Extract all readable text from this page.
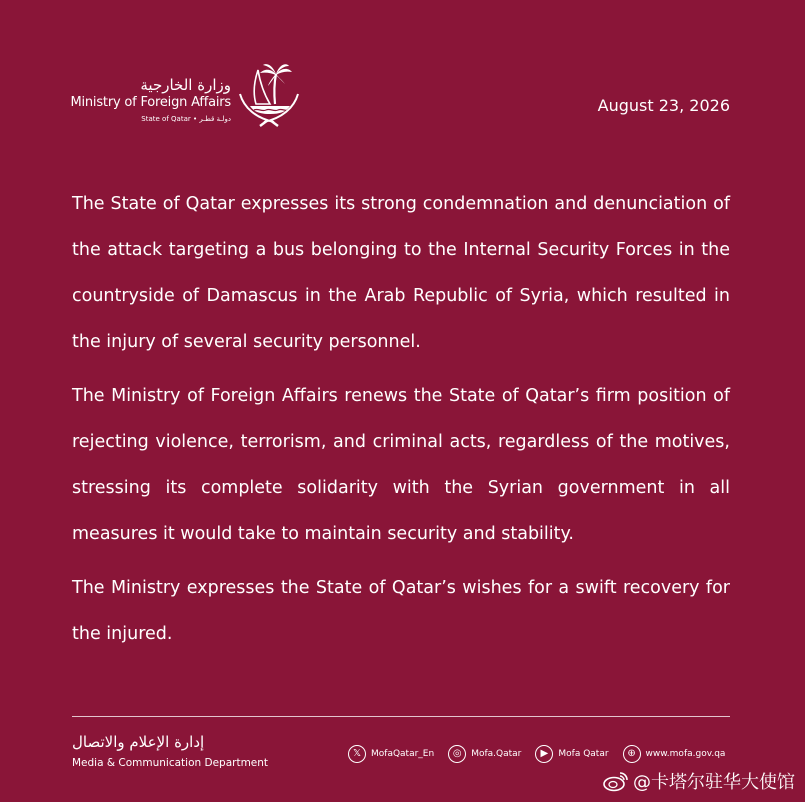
وزارة الخارجية
Ministry of Foreign Affairs
State of Qatar • دولـة قطـر
August 23, 2026

The State of Qatar expresses its strong condemnation and denunciation of the attack targeting a bus belonging to the Internal Security Forces in the countryside of Damascus in the Arab Republic of Syria, which resulted in the injury of several security personnel.

The Ministry of Foreign Affairs renews the State of Qatar’s firm position of rejecting violence, terrorism, and criminal acts, regardless of the motives, stressing its complete solidarity with the Syrian government in all measures it would take to maintain security and stability.

The Ministry expresses the State of Qatar’s wishes for a swift recovery for the injured.

إدارة الإعلام والاتصال
Media & Communication Department
𝕏	MofaQatar_En	◎	Mofa.Qatar	▶	Mofa Qatar	⊕	www.mofa.gov.qa
@卡塔尔驻华大使馆
